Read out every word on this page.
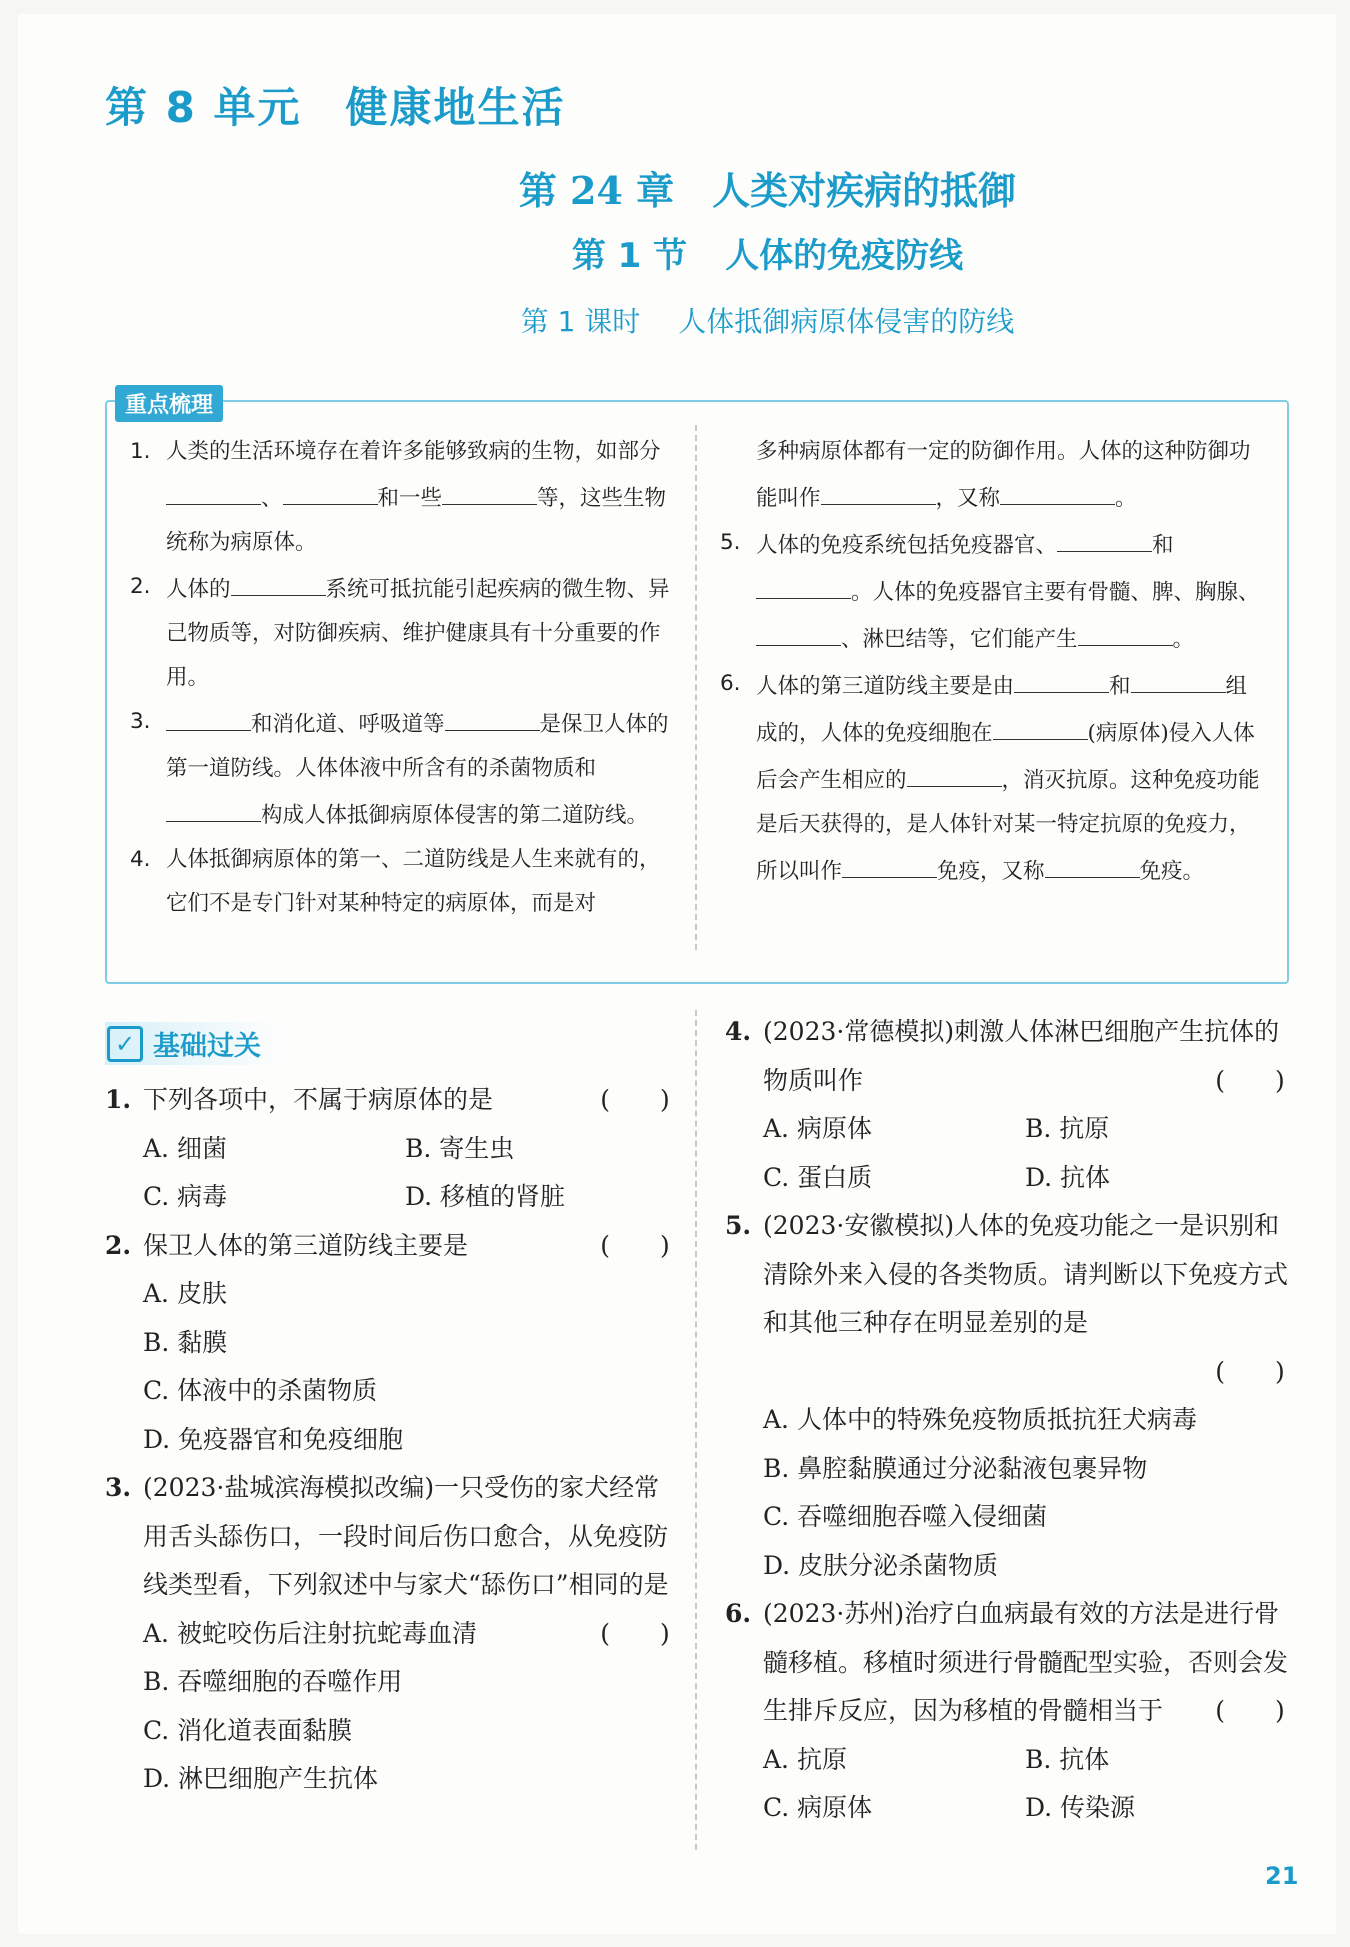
第 8 单元　 健康地生活
第 24 章 人类对疾病的抵御
第 1 节 人体的免疫防线
第 1 课时 人体抵御病原体侵害的防线
重点梳理
1. 人类的生活环境存在着许多能够致病的生物，如部分、	和一些	等，这些生物统称为病原体。
2. 人体的	系统可抵抗能引起疾病的微生物、异己物质等，对防御疾病、维护健康具有十分重要的作用。
3.	和消化道、呼吸道等	是保卫人体的第一道防线。人体体液中所含有的杀菌物质和构成人体抵御病原体侵害的第二道防线。
4. 人体抵御病原体的第一、二道防线是人生来就有的，它们不是专门针对某种特定的病原体，而是对
多种病原体都有一定的防御作用。人体的这种防御功能叫作	，又称	。
5. 人体的免疫系统包括免疫器官、	和。人体的免疫器官主要有骨髓、脾、胸腺、、淋巴结等，它们能产生	。
6. 人体的第三道防线主要是由	和	组成的，人体的免疫细胞在	(病原体)侵入人体后会产生相应的	，消灭抗原。这种免疫功能是后天获得的，是人体针对某一特定抗原的免疫力，所以叫作	免疫，又称	免疫。
✓ 基础过关
1. (　　) 下列各项中，不属于病原体的是
A. 细菌	B. 寄生虫
C. 病毒	D. 移植的肾脏
2. (　　) 保卫人体的第三道防线主要是
A. 皮肤
B. 黏膜
C. 体液中的杀菌物质
D. 免疫器官和免疫细胞
3. (2023·盐城滨海模拟改编)一只受伤的家犬经常用舌头舔伤口，一段时间后伤口愈合，从免疫防线类型看，下列叙述中与家犬“舔伤口”相同的是
(　　)
A. 被蛇咬伤后注射抗蛇毒血清
B. 吞噬细胞的吞噬作用
C. 消化道表面黏膜
D. 淋巴细胞产生抗体
4. (2023·常德模拟)刺激人体淋巴细胞产生抗体的物质叫作
(　　)
A. 病原体	B. 抗原
C. 蛋白质	D. 抗体
5. (2023·安徽模拟)人体的免疫功能之一是识别和清除外来入侵的各类物质。请判断以下免疫方式和其他三种存在明显差别的是
(　　)
A. 人体中的特殊免疫物质抵抗狂犬病毒
B. 鼻腔黏膜通过分泌黏液包裹异物
C. 吞噬细胞吞噬入侵细菌
D. 皮肤分泌杀菌物质
6. (2023·苏州)治疗白血病最有效的方法是进行骨髓移植。移植时须进行骨髓配型实验，否则会发生排斥反应，因为移植的骨髓相当于
(　　)
A. 抗原	B. 抗体
C. 病原体	D. 传染源
21
